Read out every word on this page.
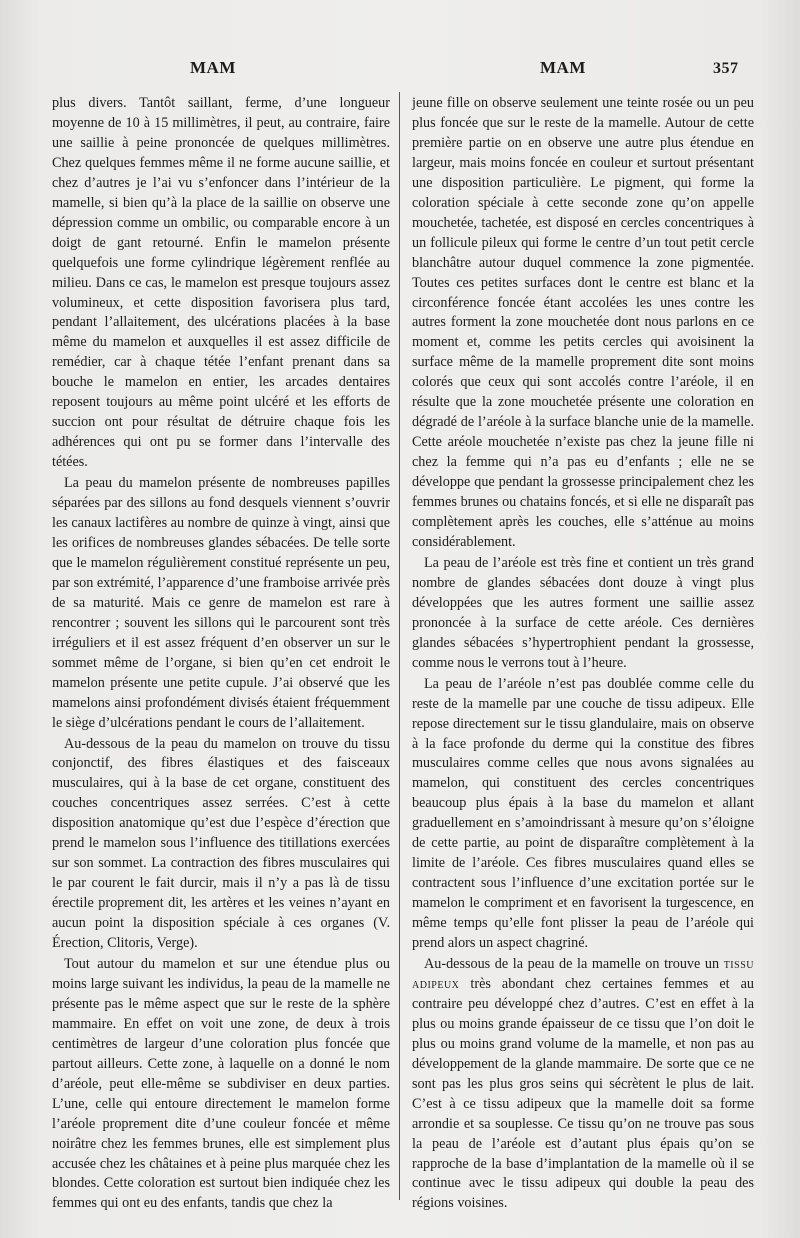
MAM	MAM	357

plus divers. Tantôt saillant, ferme, d’une longueur moyenne de 10 à 15 millimètres, il peut, au contraire, faire une saillie à peine prononcée de quelques millimètres. Chez quelques femmes même il ne forme aucune saillie, et chez d’autres je l’ai vu s’enfoncer dans l’intérieur de la mamelle, si bien qu’à la place de la saillie on observe une dépression comme un ombilic, ou comparable encore à un doigt de gant retourné. Enfin le mamelon présente quelquefois une forme cylindrique légèrement renflée au milieu. Dans ce cas, le mamelon est presque toujours assez volumineux, et cette disposition favorisera plus tard, pendant l’allaitement, des ulcérations placées à la base même du mamelon et auxquelles il est assez difficile de remédier, car à chaque tétée l’enfant prenant dans sa bouche le mamelon en entier, les arcades dentaires reposent toujours au même point ulcéré et les efforts de succion ont pour résultat de détruire chaque fois les adhérences qui ont pu se former dans l’intervalle des tétées.

La peau du mamelon présente de nombreuses papilles séparées par des sillons au fond desquels viennent s’ouvrir les canaux lactifères au nombre de quinze à vingt, ainsi que les orifices de nombreuses glandes sébacées. De telle sorte que le mamelon régulièrement constitué représente un peu, par son extrémité, l’apparence d’une framboise arrivée près de sa maturité. Mais ce genre de mamelon est rare à rencontrer ; souvent les sillons qui le parcourent sont très irréguliers et il est assez fréquent d’en observer un sur le sommet même de l’organe, si bien qu’en cet endroit le mamelon présente une petite cupule. J’ai observé que les mamelons ainsi profondément divisés étaient fréquemment le siège d’ulcérations pendant le cours de l’allaitement.

Au-dessous de la peau du mamelon on trouve du tissu conjonctif, des fibres élastiques et des faisceaux musculaires, qui à la base de cet organe, constituent des couches concentriques assez serrées. C’est à cette disposition anatomique qu’est due l’espèce d’érection que prend le mamelon sous l’influence des titillations exercées sur son sommet. La contraction des fibres musculaires qui le par courent le fait durcir, mais il n’y a pas là de tissu érectile proprement dit, les artères et les veines n’ayant en aucun point la disposition spéciale à ces organes (V. Érection, Clitoris, Verge).

Tout autour du mamelon et sur une étendue plus ou moins large suivant les individus, la peau de la mamelle ne présente pas le même aspect que sur le reste de la sphère mammaire. En effet on voit une zone, de deux à trois centimètres de largeur d’une coloration plus foncée que partout ailleurs. Cette zone, à laquelle on a donné le nom d’aréole, peut elle-même se subdiviser en deux parties. L’une, celle qui entoure directement le mamelon forme l’aréole proprement dite d’une couleur foncée et même noirâtre chez les femmes brunes, elle est simplement plus accusée chez les châtaines et à peine plus marquée chez les blondes. Cette coloration est surtout bien indiquée chez les femmes qui ont eu des enfants, tandis que chez la

jeune fille on observe seulement une teinte rosée ou un peu plus foncée que sur le reste de la mamelle. Autour de cette première partie on en observe une autre plus étendue en largeur, mais moins foncée en couleur et surtout présentant une disposition particulière. Le pigment, qui forme la coloration spéciale à cette seconde zone qu’on appelle mouchetée, tachetée, est disposé en cercles concentriques à un follicule pileux qui forme le centre d’un tout petit cercle blanchâtre autour duquel commence la zone pigmentée. Toutes ces petites surfaces dont le centre est blanc et la circonférence foncée étant accolées les unes contre les autres forment la zone mouchetée dont nous parlons en ce moment et, comme les petits cercles qui avoisinent la surface même de la mamelle proprement dite sont moins colorés que ceux qui sont accolés contre l’aréole, il en résulte que la zone mouchetée présente une coloration en dégradé de l’aréole à la surface blanche unie de la mamelle. Cette aréole mouchetée n’existe pas chez la jeune fille ni chez la femme qui n’a pas eu d’enfants ; elle ne se développe que pendant la grossesse principalement chez les femmes brunes ou chatains foncés, et si elle ne disparaît pas complètement après les couches, elle s’atténue au moins considérablement.

La peau de l’aréole est très fine et contient un très grand nombre de glandes sébacées dont douze à vingt plus développées que les autres forment une saillie assez prononcée à la surface de cette aréole. Ces dernières glandes sébacées s’hypertrophient pendant la grossesse, comme nous le verrons tout à l’heure.

La peau de l’aréole n’est pas doublée comme celle du reste de la mamelle par une couche de tissu adipeux. Elle repose directement sur le tissu glandulaire, mais on observe à la face profonde du derme qui la constitue des fibres musculaires comme celles que nous avons signalées au mamelon, qui constituent des cercles concentriques beaucoup plus épais à la base du mamelon et allant graduellement en s’amoindrissant à mesure qu’on s’éloigne de cette partie, au point de disparaître complètement à la limite de l’aréole. Ces fibres musculaires quand elles se contractent sous l’influence d’une excitation portée sur le mamelon le compriment et en favorisent la turgescence, en même temps qu’elle font plisser la peau de l’aréole qui prend alors un aspect chagriné.

Au-dessous de la peau de la mamelle on trouve un tissu adipeux très abondant chez certaines femmes et au contraire peu développé chez d’autres. C’est en effet à la plus ou moins grande épaisseur de ce tissu que l’on doit le plus ou moins grand volume de la mamelle, et non pas au développement de la glande mammaire. De sorte que ce ne sont pas les plus gros seins qui sécrètent le plus de lait. C’est à ce tissu adipeux que la mamelle doit sa forme arrondie et sa souplesse. Ce tissu qu’on ne trouve pas sous la peau de l’aréole est d’autant plus épais qu’on se rapproche de la base d’implantation de la mamelle où il se continue avec le tissu adipeux qui double la peau des régions voisines.
